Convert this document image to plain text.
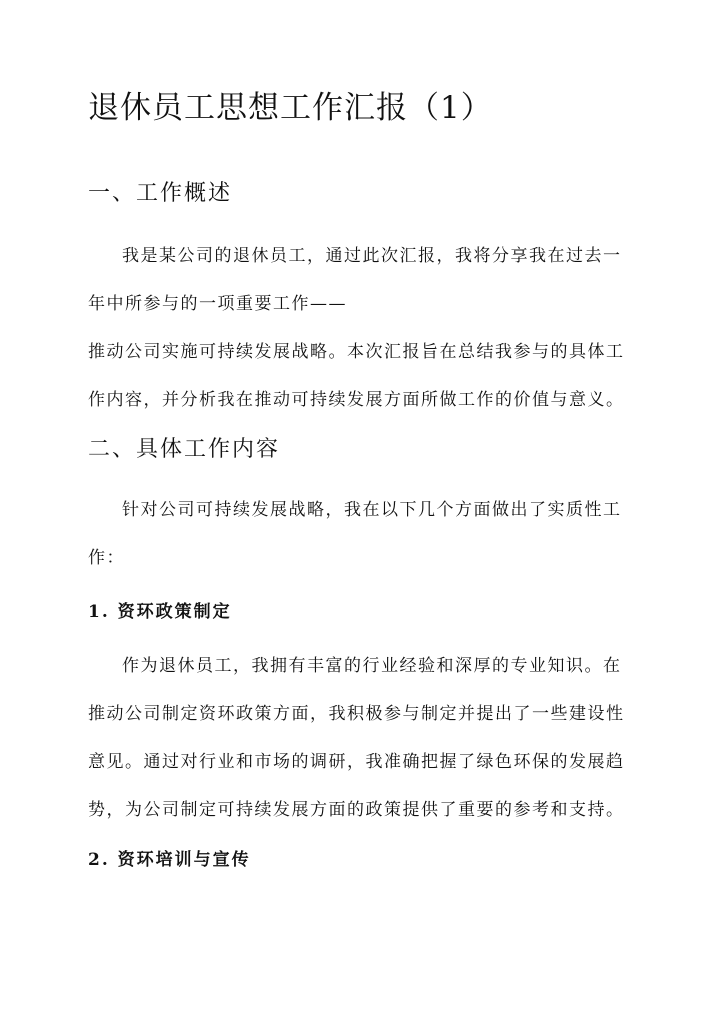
退休员工思想工作汇报（1）
一、工作概述
我是某公司的退休员工，通过此次汇报，我将分享我在过去一
年中所参与的一项重要工作——
推动公司实施可持续发展战略。本次汇报旨在总结我参与的具体工
作内容，并分析我在推动可持续发展方面所做工作的价值与意义。
二、具体工作内容
针对公司可持续发展战略，我在以下几个方面做出了实质性工
作：
1. 资环政策制定
作为退休员工，我拥有丰富的行业经验和深厚的专业知识。在
推动公司制定资环政策方面，我积极参与制定并提出了一些建设性
意见。通过对行业和市场的调研，我准确把握了绿色环保的发展趋
势，为公司制定可持续发展方面的政策提供了重要的参考和支持。
2. 资环培训与宣传
